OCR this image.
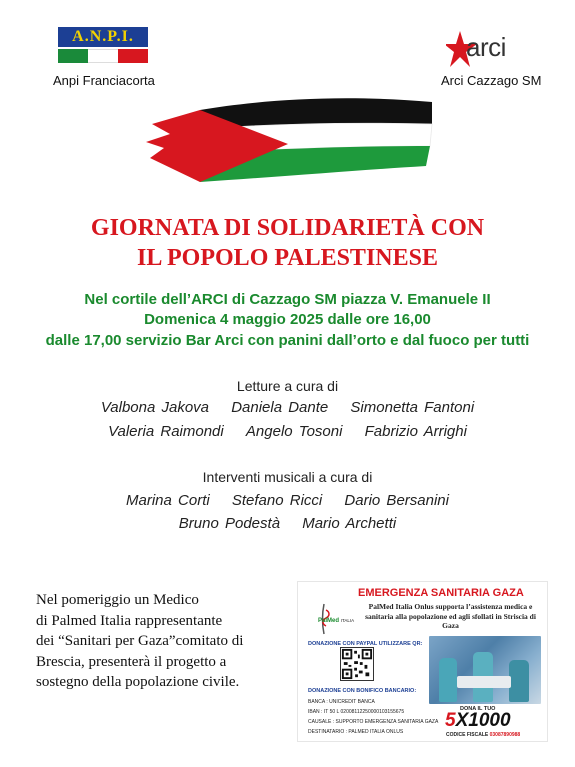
A.N.P.I.
Anpi Franciacorta
arci
Arci Cazzago SM
GIORNATA DI SOLIDARIETÀ CON
IL POPOLO PALESTINESE
Nel cortile dell’ARCI di Cazzago SM piazza V. Emanuele II
Domenica 4 maggio 2025 dalle ore 16,00
dalle 17,00 servizio Bar Arci con panini dall’orto e dal fuoco per tutti
Letture a cura di
Valbona Jakova Daniela Dante Simonetta Fantoni
Valeria Raimondi Angelo Tosoni Fabrizio Arrighi
Interventi musicali a cura di
Marina Corti Stefano Ricci Dario Bersanini
Bruno Podestà Mario Archetti
Nel pomeriggio un Medico
di Palmed Italia rappresentante
dei “Sanitari per Gaza”comitato di
Brescia, presenterà il progetto a
sostegno della popolazione civile.
PalMed ITALIA
EMERGENZA SANITARIA GAZA
PalMed Italia Onlus supporta l’assistenza medica e sanitaria alla popolazione ed agli sfollati in Striscia di Gaza
DONAZIONE CON PAYPAL UTILIZZARE QR:
DONAZIONE CON BONIFICO BANCARIO:
BANCA : UNICREDIT BANCA
IBAN : IT 50 L 02008112250000103155675
CAUSALE : SUPPORTO EMERGENZA SANITARIA GAZA
DESTINATARIO : PALMED ITALIA ONLUS
DONA IL TUO
5X1000
CODICE FISCALE 03087890988
